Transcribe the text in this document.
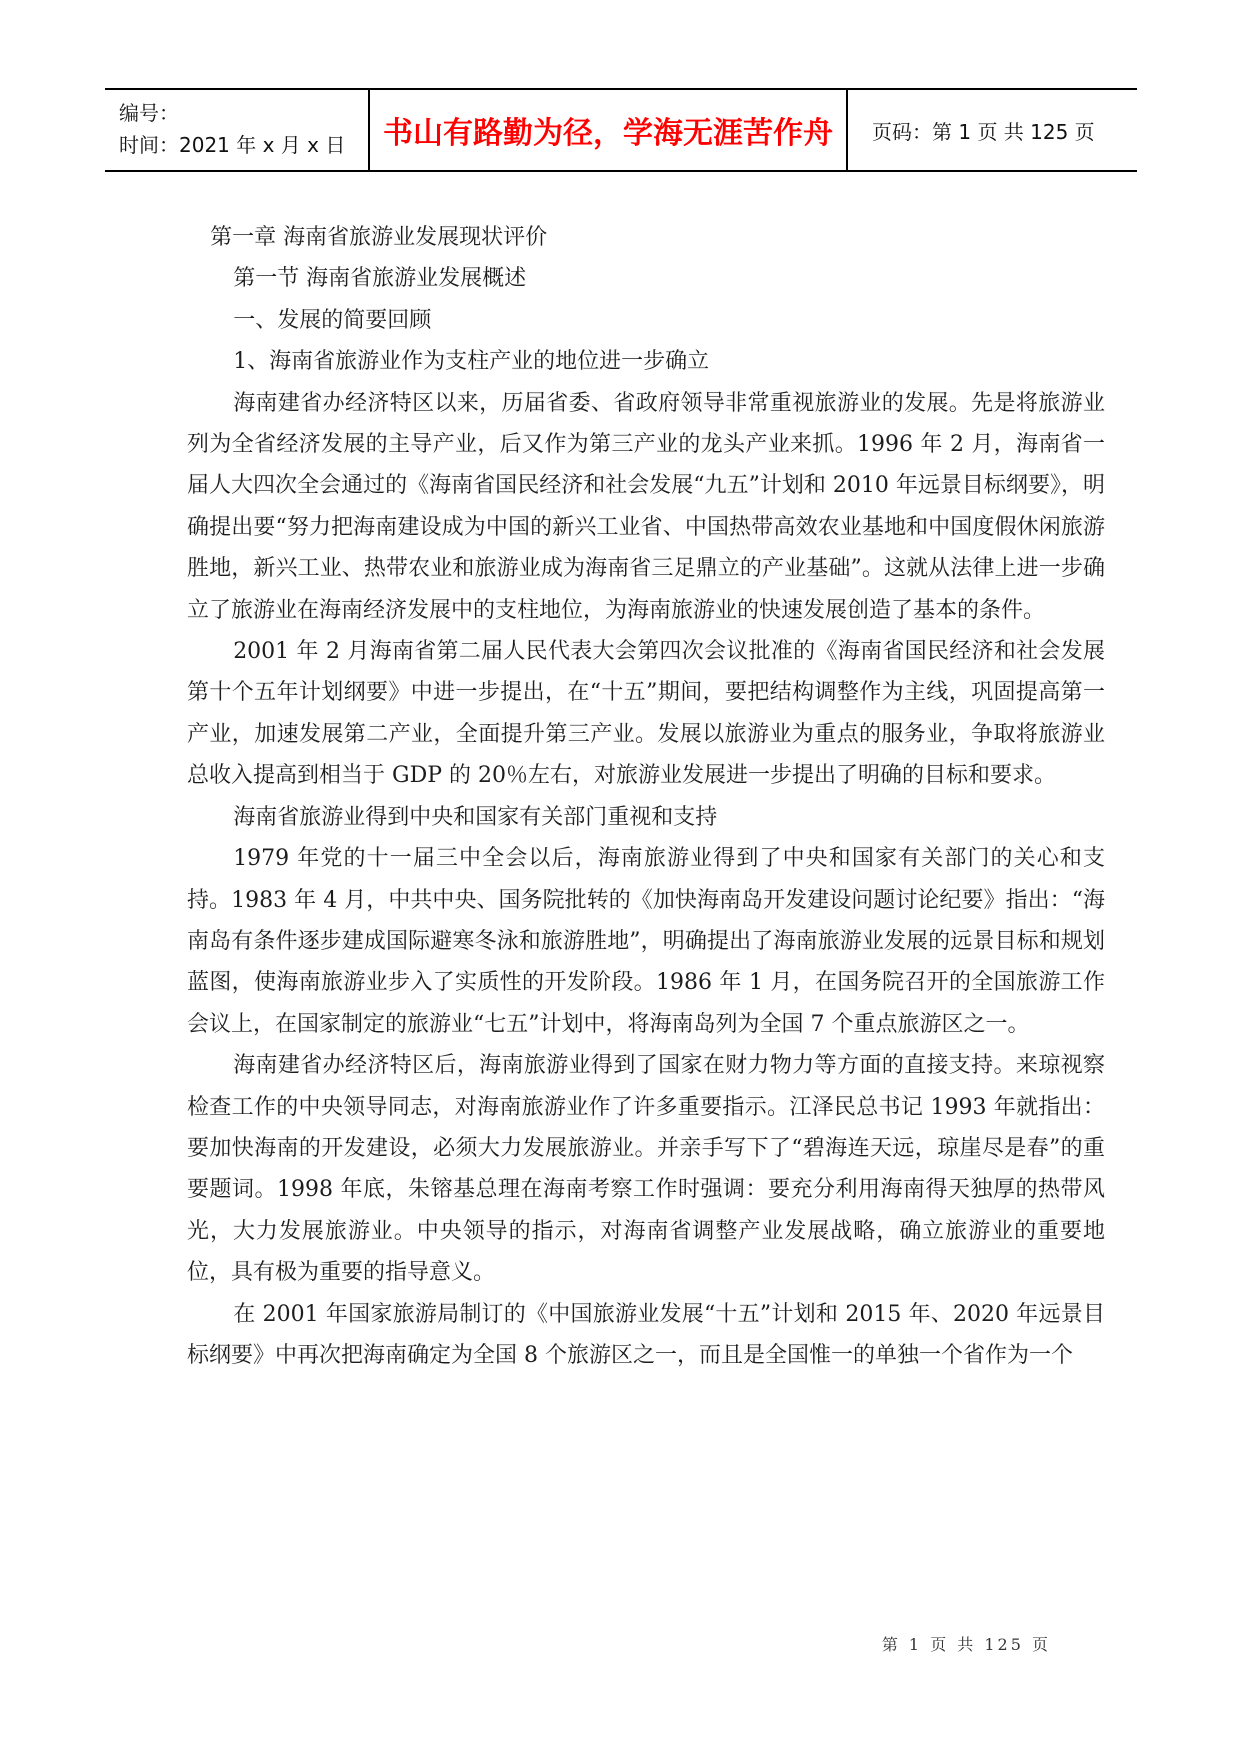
编号：
时间：2021 年 x 月 x 日	书山有路勤为径，学海无涯苦作舟 页码：第 1 页 共 125 页
第一章 海南省旅游业发展现状评价
第一节 海南省旅游业发展概述
一、发展的简要回顾
1、海南省旅游业作为支柱产业的地位进一步确立
海南建省办经济特区以来，历届省委、省政府领导非常重视旅游业的发展。先是将旅游业列为全省经济发展的主导产业，后又作为第三产业的龙头产业来抓。1996 年 2 月，海南省一届人大四次全会通过的《海南省国民经济和社会发展“九五”计划和 2010 年远景目标纲要》，明确提出要“努力把海南建设成为中国的新兴工业省、中国热带高效农业基地和中国度假休闲旅游胜地，新兴工业、热带农业和旅游业成为海南省三足鼎立的产业基础”。这就从法律上进一步确立了旅游业在海南经济发展中的支柱地位，为海南旅游业的快速发展创造了基本的条件。
2001 年 2 月海南省第二届人民代表大会第四次会议批准的《海南省国民经济和社会发展第十个五年计划纲要》中进一步提出，在“十五”期间，要把结构调整作为主线，巩固提高第一产业，加速发展第二产业，全面提升第三产业。发展以旅游业为重点的服务业，争取将旅游业总收入提高到相当于 GDP 的 20％左右，对旅游业发展进一步提出了明确的目标和要求。
海南省旅游业得到中央和国家有关部门重视和支持
1979 年党的十一届三中全会以后，海南旅游业得到了中央和国家有关部门的关心和支持。1983 年 4 月，中共中央、国务院批转的《加快海南岛开发建设问题讨论纪要》指出：“海南岛有条件逐步建成国际避寒冬泳和旅游胜地”，明确提出了海南旅游业发展的远景目标和规划蓝图，使海南旅游业步入了实质性的开发阶段。1986 年 1 月，在国务院召开的全国旅游工作会议上，在国家制定的旅游业“七五”计划中，将海南岛列为全国 7 个重点旅游区之一。
海南建省办经济特区后，海南旅游业得到了国家在财力物力等方面的直接支持。来琼视察检查工作的中央领导同志，对海南旅游业作了许多重要指示。江泽民总书记 1993 年就指出：要加快海南的开发建设，必须大力发展旅游业。并亲手写下了“碧海连天远，琼崖尽是春”的重要题词。1998 年底，朱镕基总理在海南考察工作时强调：要充分利用海南得天独厚的热带风光，大力发展旅游业。中央领导的指示，对海南省调整产业发展战略，确立旅游业的重要地位，具有极为重要的指导意义。
在 2001 年国家旅游局制订的《中国旅游业发展“十五”计划和 2015 年、2020 年远景目标纲要》中再次把海南确定为全国 8 个旅游区之一，而且是全国惟一的单独一个省作为一个
第 1 页 共 125 页
